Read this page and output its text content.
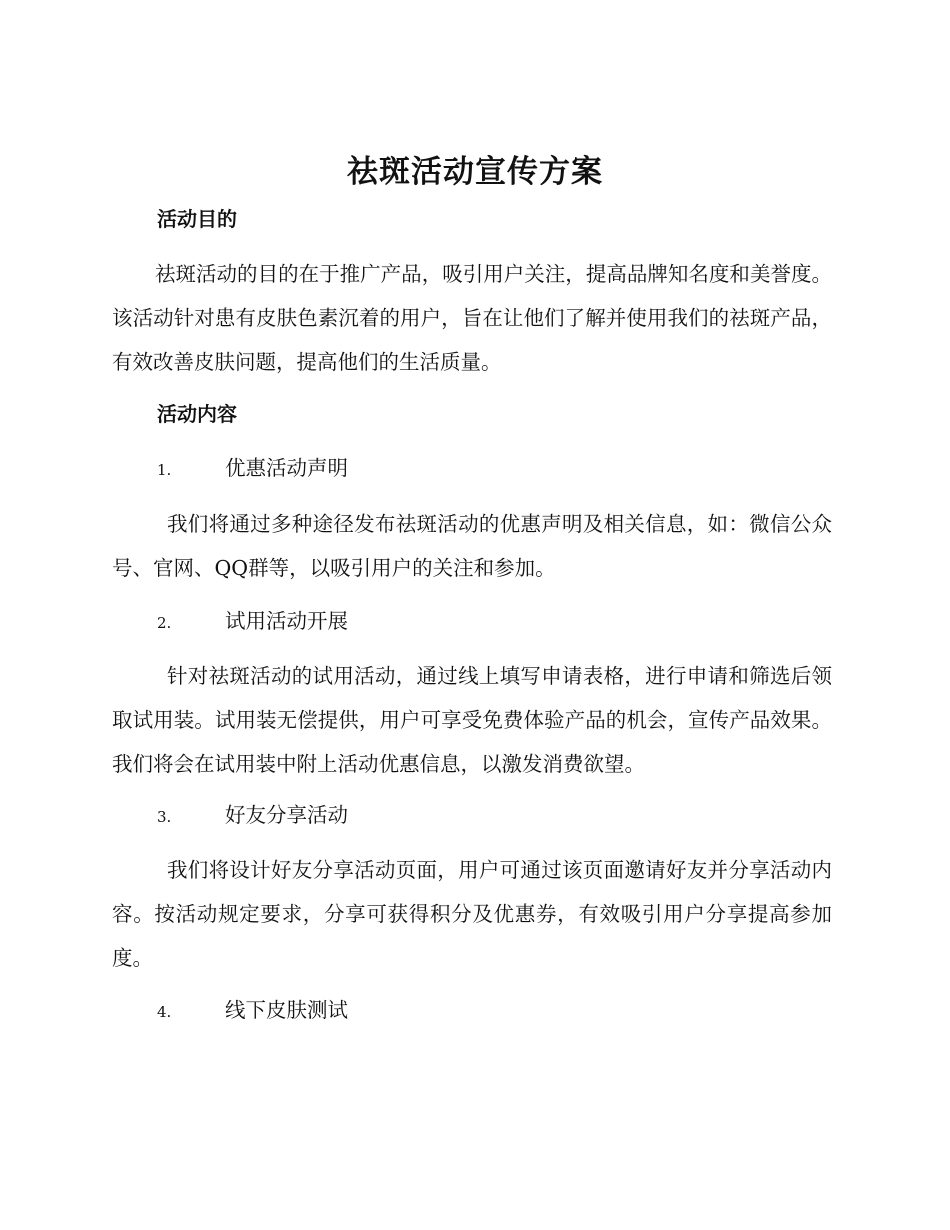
祛斑活动宣传方案
活动目的

祛斑活动的目的在于推广产品，吸引用户关注，提高品牌知名度和美誉度。该活动针对患有皮肤色素沉着的用户，旨在让他们了解并使用我们的祛斑产品，有效改善皮肤问题，提高他们的生活质量。

活动内容
1.	优惠活动声明

我们将通过多种途径发布祛斑活动的优惠声明及相关信息，如：微信公众号、官网、QQ群等，以吸引用户的关注和参加。

2.	试用活动开展

针对祛斑活动的试用活动，通过线上填写申请表格，进行申请和筛选后领取试用装。试用装无偿提供，用户可享受免费体验产品的机会，宣传产品效果。我们将会在试用装中附上活动优惠信息，以激发消费欲望。

3.	好友分享活动

我们将设计好友分享活动页面，用户可通过该页面邀请好友并分享活动内容。按活动规定要求，分享可获得积分及优惠券，有效吸引用户分享提高参加度。

4.	线下皮肤测试
